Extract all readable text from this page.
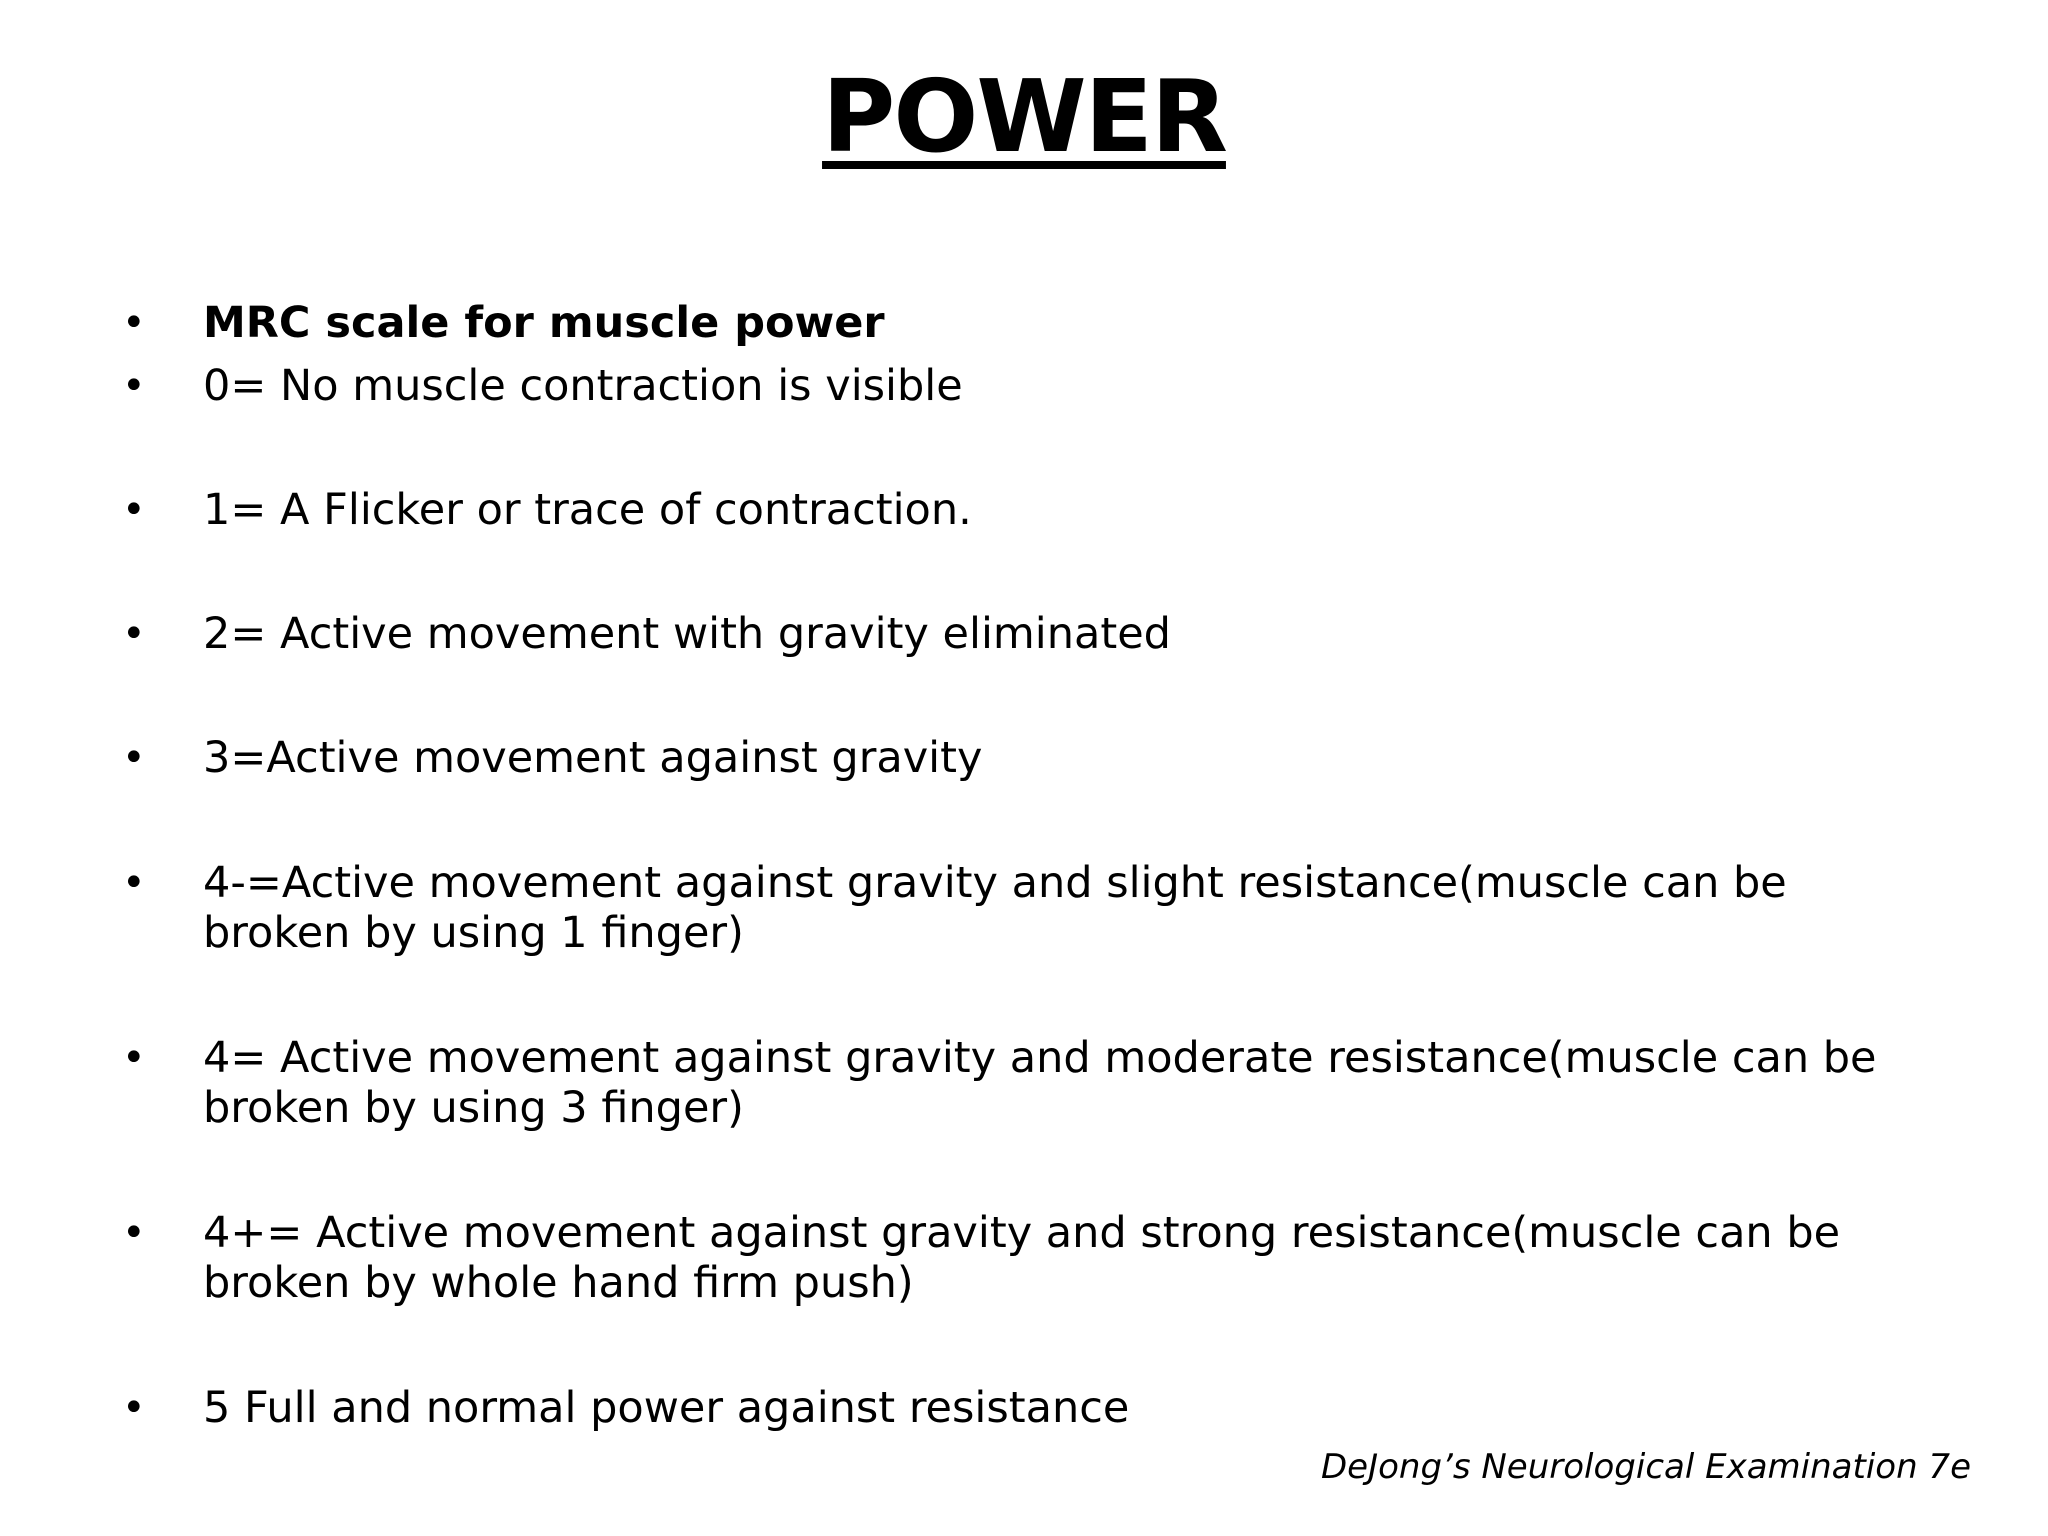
POWER
• MRC scale for muscle power
• 0= No muscle contraction is visible
• 1= A Flicker or trace of contraction.
• 2= Active movement with gravity eliminated
• 3=Active movement against gravity
• 4-=Active movement against gravity and slight resistance(muscle can be broken by using 1 finger)
• 4= Active movement against gravity and moderate resistance(muscle can be broken by using 3 finger)
• 4+= Active movement against gravity and strong resistance(muscle can be broken by whole hand firm push)
• 5 Full and normal power against resistance
DeJong’s Neurological Examination 7e
